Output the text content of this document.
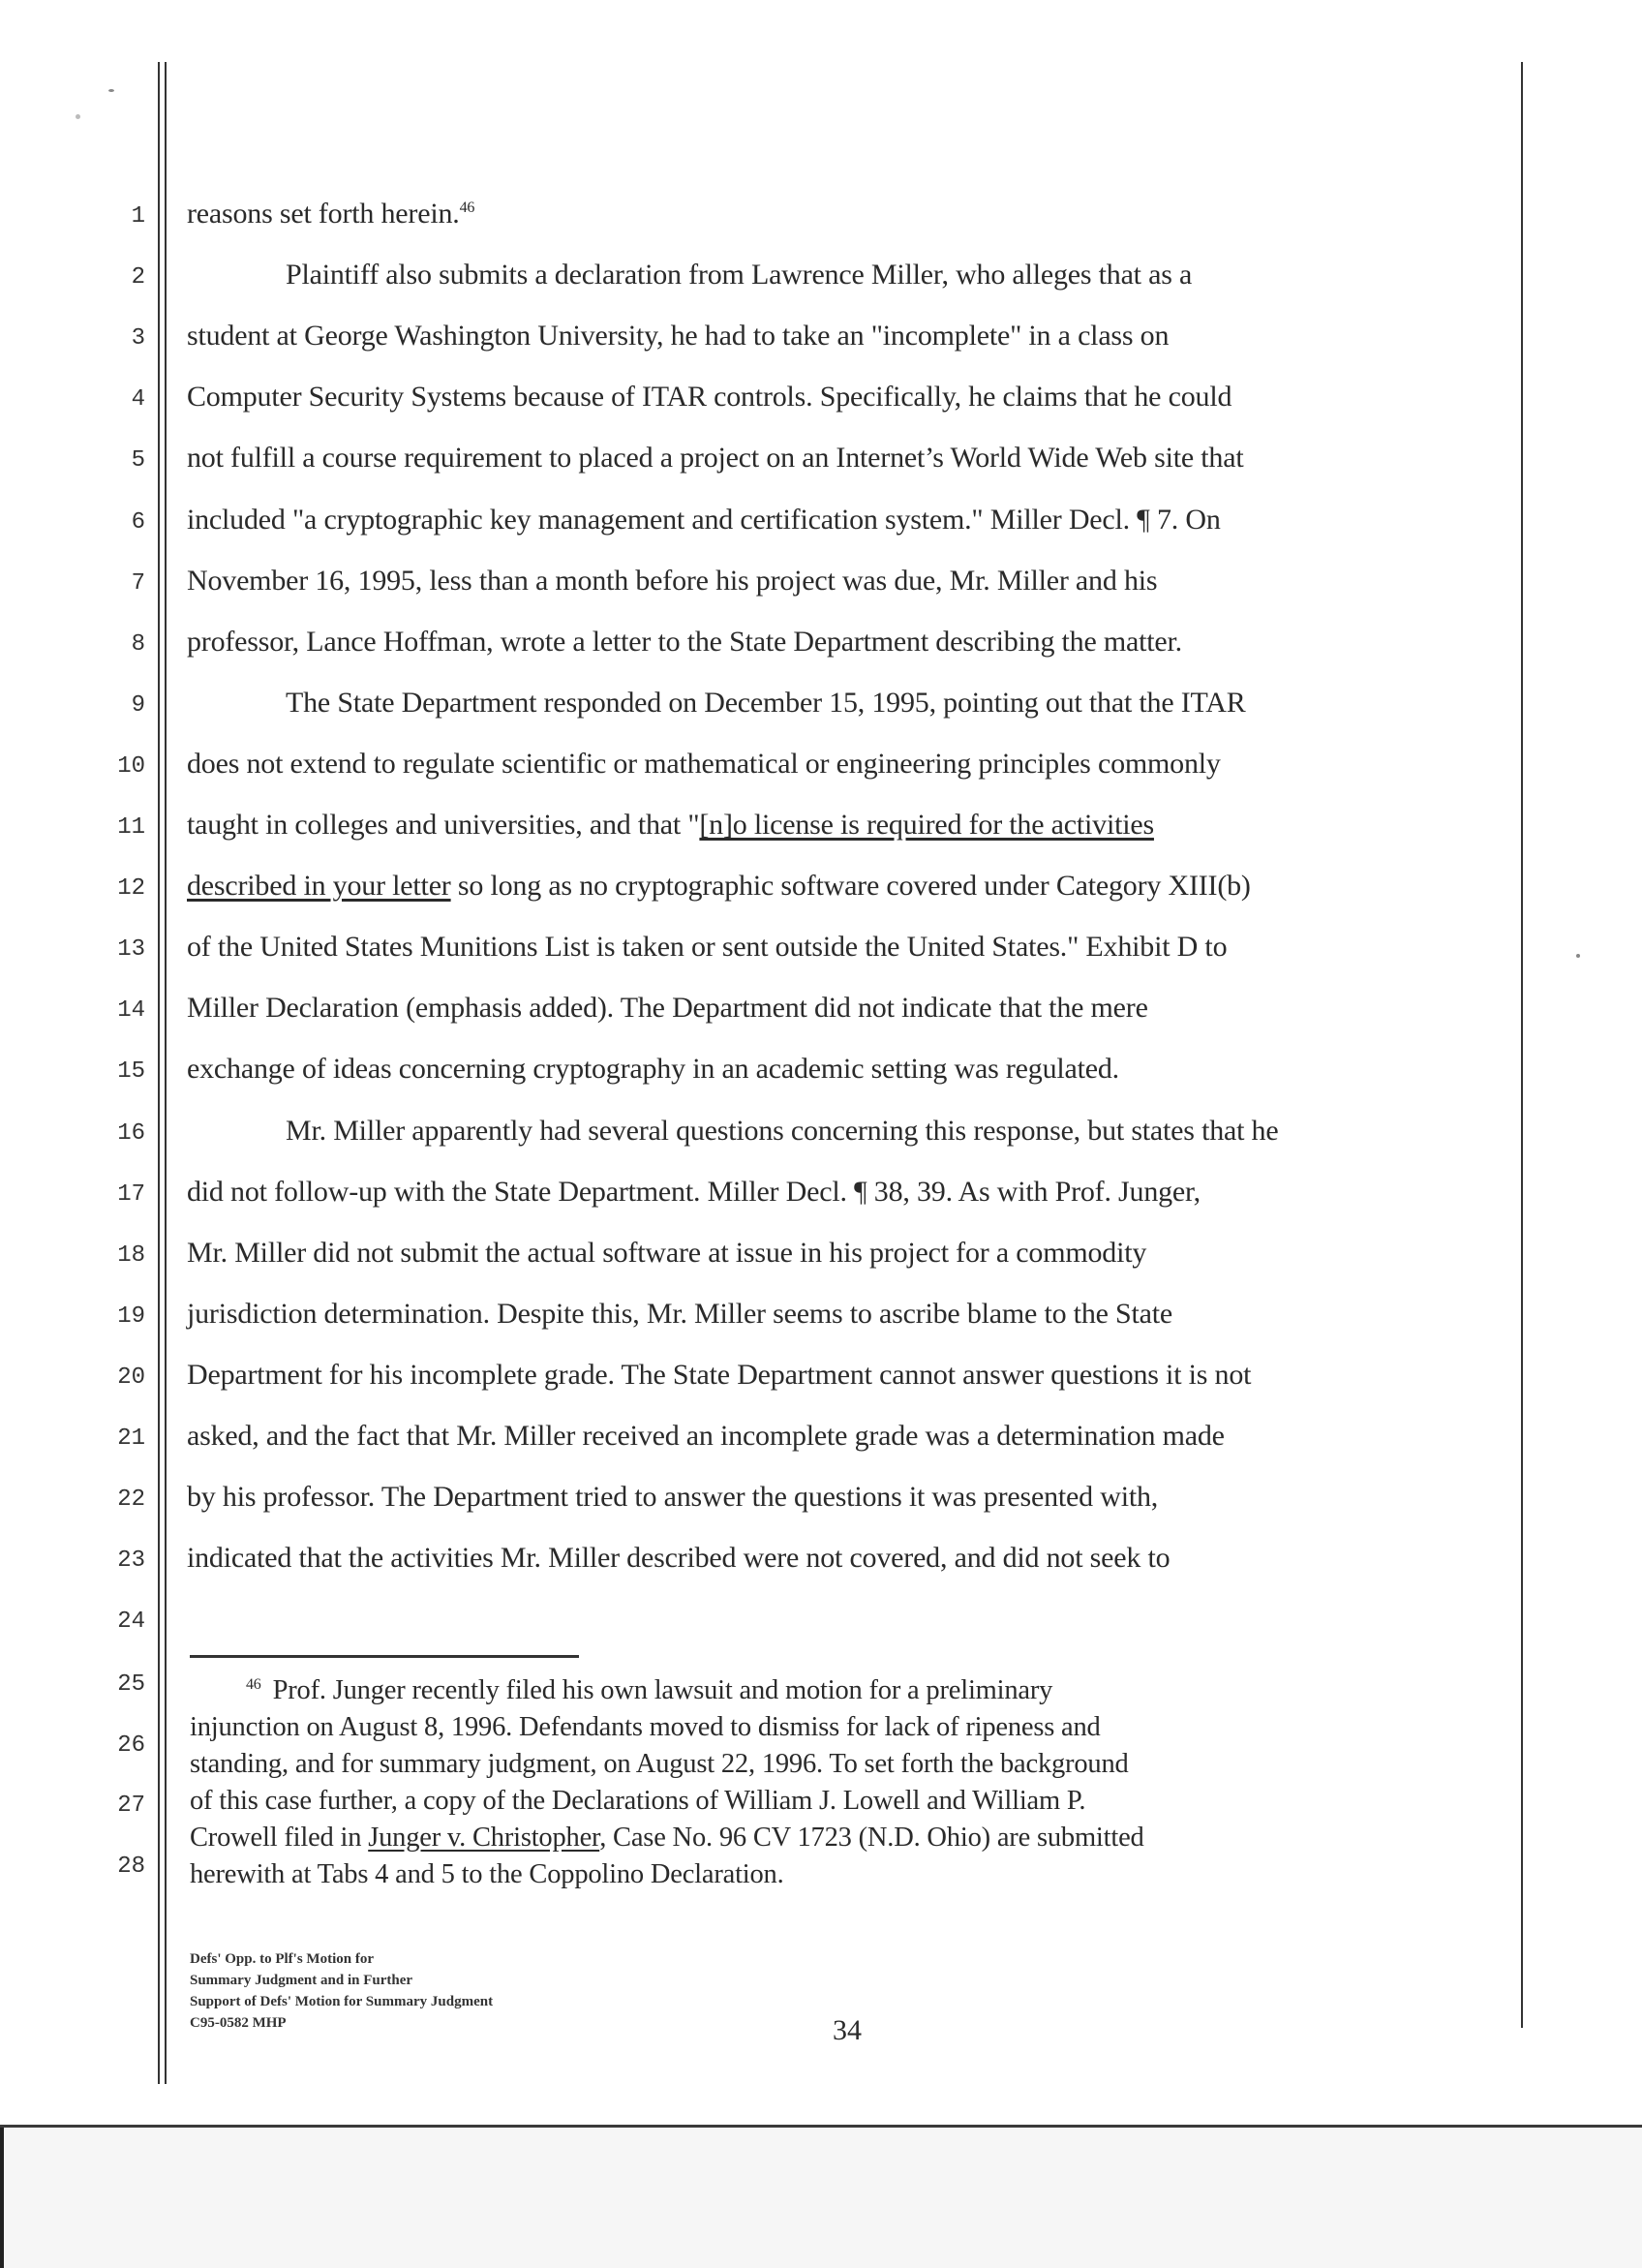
1
2
3
4
5
6
7
8
9
10
11
12
13
14
15
16
17
18
19
20
21
22
23
24
25
26
27
28
reasons set forth herein.$^{46}$
Plaintiff also submits a declaration from Lawrence Miller, who alleges that as a
student at George Washington University, he had to take an "incomplete" in a class on
Computer Security Systems because of ITAR controls. Specifically, he claims that he could
not fulfill a course requirement to placed a project on an Internet’s World Wide Web site that
included "a cryptographic key management and certification system." Miller Decl. ¶ 7. On
November 16, 1995, less than a month before his project was due, Mr. Miller and his
professor, Lance Hoffman, wrote a letter to the State Department describing the matter.
The State Department responded on December 15, 1995, pointing out that the ITAR
does not extend to regulate scientific or mathematical or engineering principles commonly
taught in colleges and universities, and that "[n]o license is required for the activities
described in your letter so long as no cryptographic software covered under Category XIII(b)
of the United States Munitions List is taken or sent outside the United States." Exhibit D to
Miller Declaration (emphasis added). The Department did not indicate that the mere
exchange of ideas concerning cryptography in an academic setting was regulated.
Mr. Miller apparently had several questions concerning this response, but states that he
did not follow-up with the State Department. Miller Decl. ¶ 38, 39. As with Prof. Junger,
Mr. Miller did not submit the actual software at issue in his project for a commodity
jurisdiction determination. Despite this, Mr. Miller seems to ascribe blame to the State
Department for his incomplete grade. The State Department cannot answer questions it is not
asked, and the fact that Mr. Miller received an incomplete grade was a determination made
by his professor. The Department tried to answer the questions it was presented with,
indicated that the activities Mr. Miller described were not covered, and did not seek to
$^{46}$ Prof. Junger recently filed his own lawsuit and motion for a preliminary
injunction on August 8, 1996. Defendants moved to dismiss for lack of ripeness and
standing, and for summary judgment, on August 22, 1996. To set forth the background
of this case further, a copy of the Declarations of William J. Lowell and William P.
Crowell filed in Junger v. Christopher, Case No. 96 CV 1723 (N.D. Ohio) are submitted
herewith at Tabs 4 and 5 to the Coppolino Declaration.
Defs' Opp. to Plf's Motion for
Summary Judgment and in Further
Support of Defs' Motion for Summary Judgment
C95-0582 MHP	34
